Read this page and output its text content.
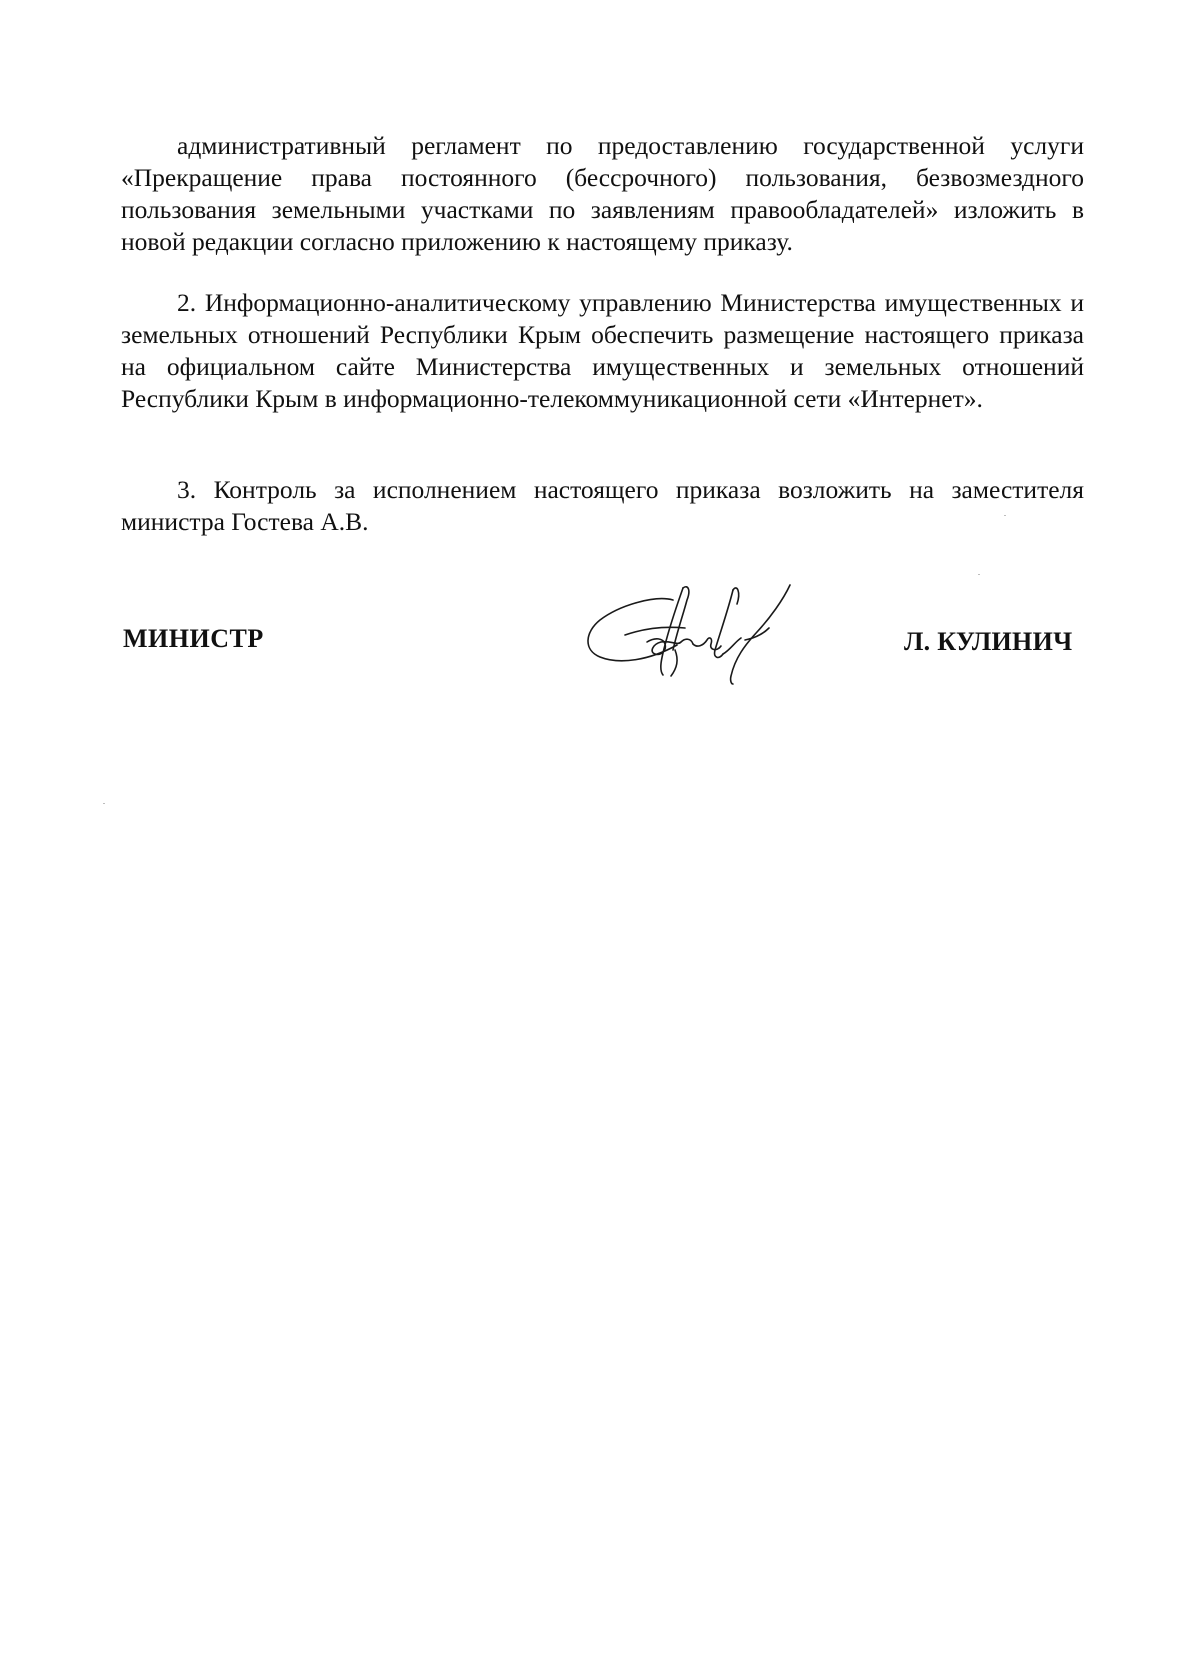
административный регламент по предоставлению государственной услуги «Прекращение права постоянного (бессрочного) пользования, безвозмездного пользования земельными участками по заявлениям правообладателей» изложить в новой редакции согласно приложению к настоящему приказу.

2. Информационно-аналитическому управлению Министерства имущественных и земельных отношений Республики Крым обеспечить размещение настоящего приказа на официальном сайте Министерства имущественных и земельных отношений Республики Крым в информационно-телекоммуникационной сети «Интернет».

3. Контроль за исполнением настоящего приказа возложить на заместителя министра Гостева А.В.

МИНИСТР	Л. КУЛИНИЧ
